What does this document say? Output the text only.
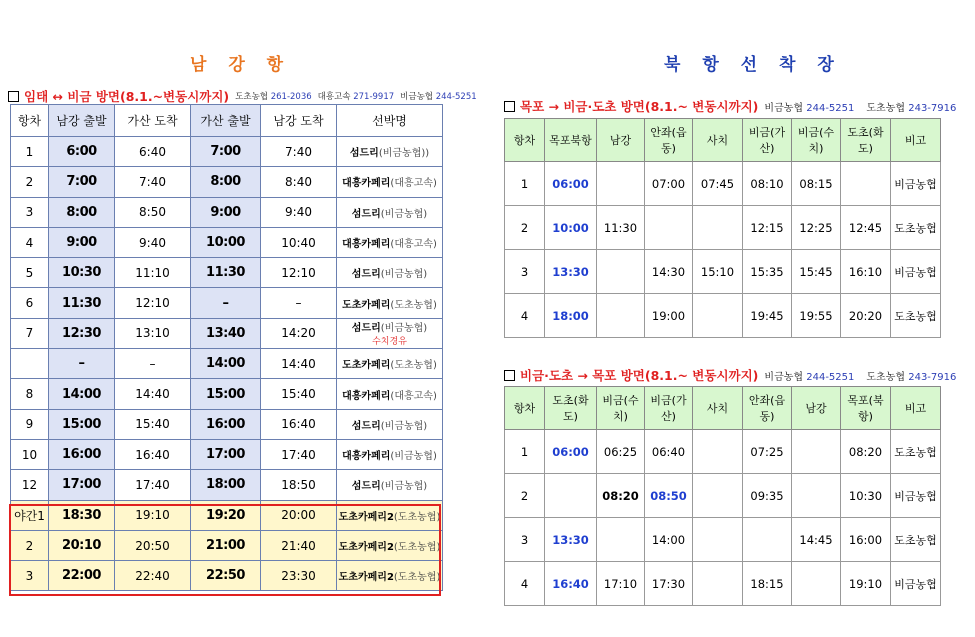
남 강 항	북 항 선 착 장
임태 ↔ 비금 방면(8.1.~변동시까지) 도초농협 261-2036 대흥고속 271-9917 비금농협 244-5251
항차	남강 출발	가산 도착	가산 출발	남강 도착	선박명
1	6:00	6:40	7:00	7:40	섬드리(비금농협))
2	7:00	7:40	8:00	8:40	대흥카페리(대흥고속)
3	8:00	8:50	9:00	9:40	섬드리(비금농협)
4	9:00	9:40	10:00	10:40	대흥카페리(대흥고속)
5	10:30	11:10	11:30	12:10	섬드리(비금농협)
6	11:30	12:10	–	–	도초카페리(도초농협)
7	12:30	13:10	13:40	14:20	섬드리(비금농협)
수치경유

	–	–	14:00	14:40	도초카페리(도초농협)
8	14:00	14:40	15:00	15:40	대흥카페리(대흥고속)
9	15:00	15:40	16:00	16:40	섬드리(비금농협)
10	16:00	16:40	17:00	17:40	대흥카페리(비금농협)
12	17:00	17:40	18:00	18:50	섬드리(비금농협)
야간1	18:30	19:10	19:20	20:00	도초카페리2(도초농협)
2	20:10	20:50	21:00	21:40	도초카페리2(도초농협)
3	22:00	22:40	22:50	23:30	도초카페리2(도초농협)
목포 → 비금·도초 방면(8.1.~ 변동시까지) 비금농협 244-5251 도초농협 243-7916
항차	목포북항	남강	안좌(읍동)	사치	비금(가산)	비금(수치)	도초(화도)	비고
1	06:00		07:00	07:45	08:10	08:15		비금농협
2	10:00	11:30			12:15	12:25	12:45	도초농협
3	13:30		14:30	15:10	15:35	15:45	16:10	비금농협
4	18:00		19:00		19:45	19:55	20:20	도초농협
비금·도초 → 목포 방면(8.1.~ 변동시까지) 비금농협 244-5251 도초농협 243-7916
항차	도초(화도)	비금(수치)	비금(가산)	사치	안좌(읍동)	남강	목포(북항)	비고
1	06:00	06:25	06:40		07:25		08:20	도초농협
2		08:20	08:50		09:35		10:30	비금농협
3	13:30		14:00			14:45	16:00	도초농협
4	16:40	17:10	17:30		18:15		19:10	비금농협
